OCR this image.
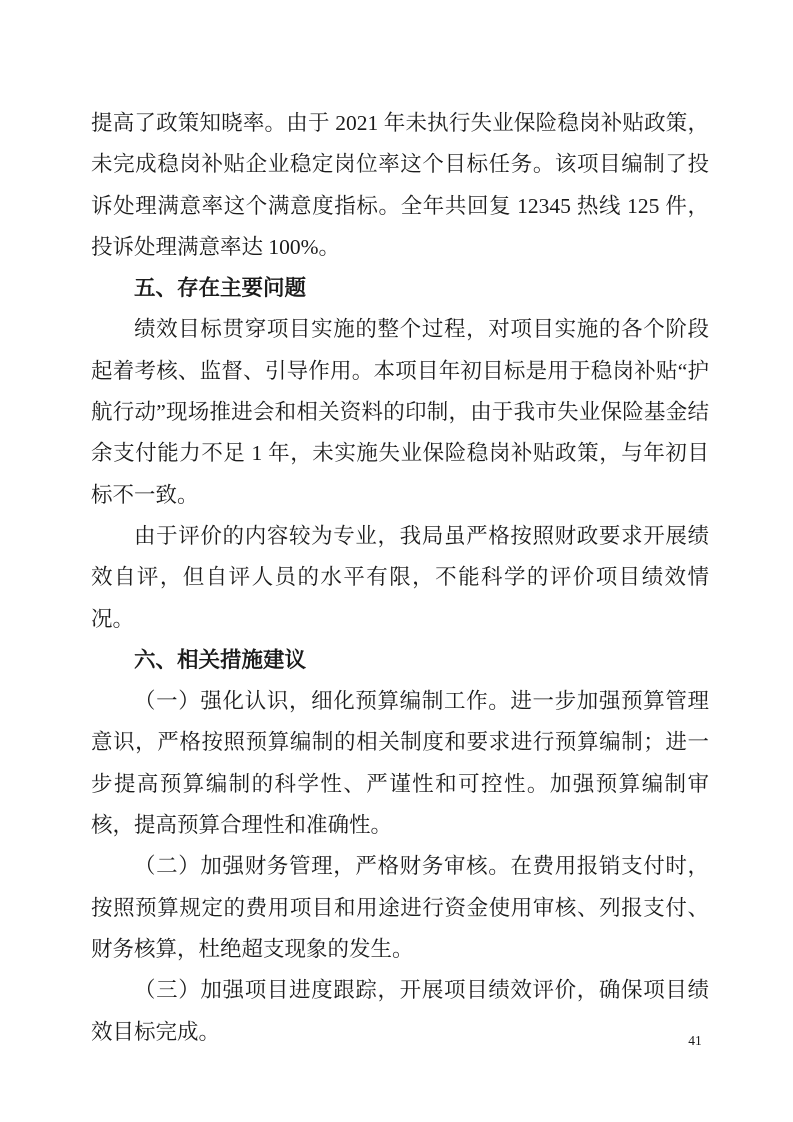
提高了政策知晓率。由于 2021 年未执行失业保险稳岗补贴政策，未完成稳岗补贴企业稳定岗位率这个目标任务。该项目编制了投诉处理满意率这个满意度指标。全年共回复 12345 热线 125 件，投诉处理满意率达 100%。

五、存在主要问题

绩效目标贯穿项目实施的整个过程，对项目实施的各个阶段起着考核、监督、引导作用。本项目年初目标是用于稳岗补贴“护航行动”现场推进会和相关资料的印制，由于我市失业保险基金结余支付能力不足 1 年，未实施失业保险稳岗补贴政策，与年初目标不一致。

由于评价的内容较为专业，我局虽严格按照财政要求开展绩效自评，但自评人员的水平有限，不能科学的评价项目绩效情况。

六、相关措施建议

（一）强化认识，细化预算编制工作。进一步加强预算管理意识，严格按照预算编制的相关制度和要求进行预算编制；进一步提高预算编制的科学性、严谨性和可控性。加强预算编制审核，提高预算合理性和准确性。

（二）加强财务管理，严格财务审核。在费用报销支付时，按照预算规定的费用项目和用途进行资金使用审核、列报支付、财务核算，杜绝超支现象的发生。

（三）加强项目进度跟踪，开展项目绩效评价，确保项目绩效目标完成。	41
